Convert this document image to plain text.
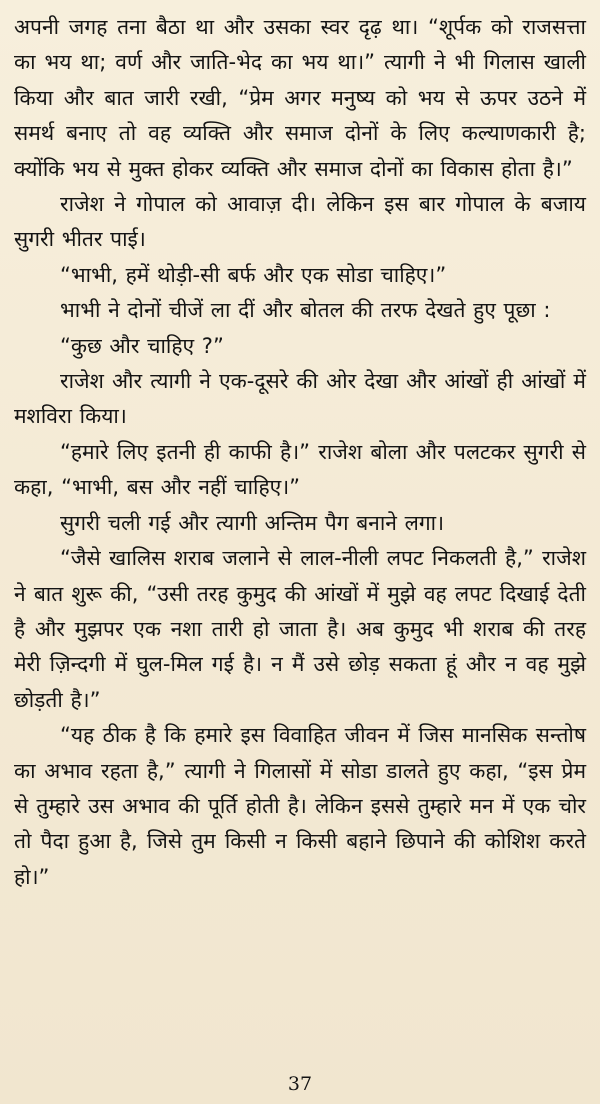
अपनी जगह तना बैठा था और उसका स्वर दृढ़ था। “शूर्पक को राजसत्ता का भय था; वर्ण और जाति-भेद का भय था।” त्यागी ने भी गिलास खाली किया और बात जारी रखी, “प्रेम अगर मनुष्य को भय से ऊपर उठने में समर्थ बनाए तो वह व्यक्ति और समाज दोनों के लिए कल्याणकारी है; क्योंकि भय से मुक्त होकर व्यक्ति और समाज दोनों का विकास होता है।”

राजेश ने गोपाल को आवाज़ दी। लेकिन इस बार गोपाल के बजाय सुगरी भीतर पाई।

“भाभी, हमें थोड़ी-सी बर्फ और एक सोडा चाहिए।”

भाभी ने दोनों चीजें ला दीं और बोतल की तरफ देखते हुए पूछा :

“कुछ और चाहिए ?”

राजेश और त्यागी ने एक-दूसरे की ओर देखा और आंखों ही आंखों में मशविरा किया।

“हमारे लिए इतनी ही काफी है।” राजेश बोला और पलटकर सुगरी से कहा, “भाभी, बस और नहीं चाहिए।”

सुगरी चली गई और त्यागी अन्तिम पैग बनाने लगा।

“जैसे खालिस शराब जलाने से लाल-नीली लपट निकलती है,” राजेश ने बात शुरू की, “उसी तरह कुमुद की आंखों में मुझे वह लपट दिखाई देती है और मुझपर एक नशा तारी हो जाता है। अब कुमुद भी शराब की तरह मेरी ज़िन्दगी में घुल-मिल गई है। न मैं उसे छोड़ सकता हूं और न वह मुझे छोड़ती है।”

“यह ठीक है कि हमारे इस विवाहित जीवन में जिस मानसिक सन्तोष का अभाव रहता है,” त्यागी ने गिलासों में सोडा डालते हुए कहा, “इस प्रेम से तुम्हारे उस अभाव की पूर्ति होती है। लेकिन इससे तुम्हारे मन में एक चोर तो पैदा हुआ है, जिसे तुम किसी न किसी बहाने छिपाने की कोशिश करते हो।”

37
